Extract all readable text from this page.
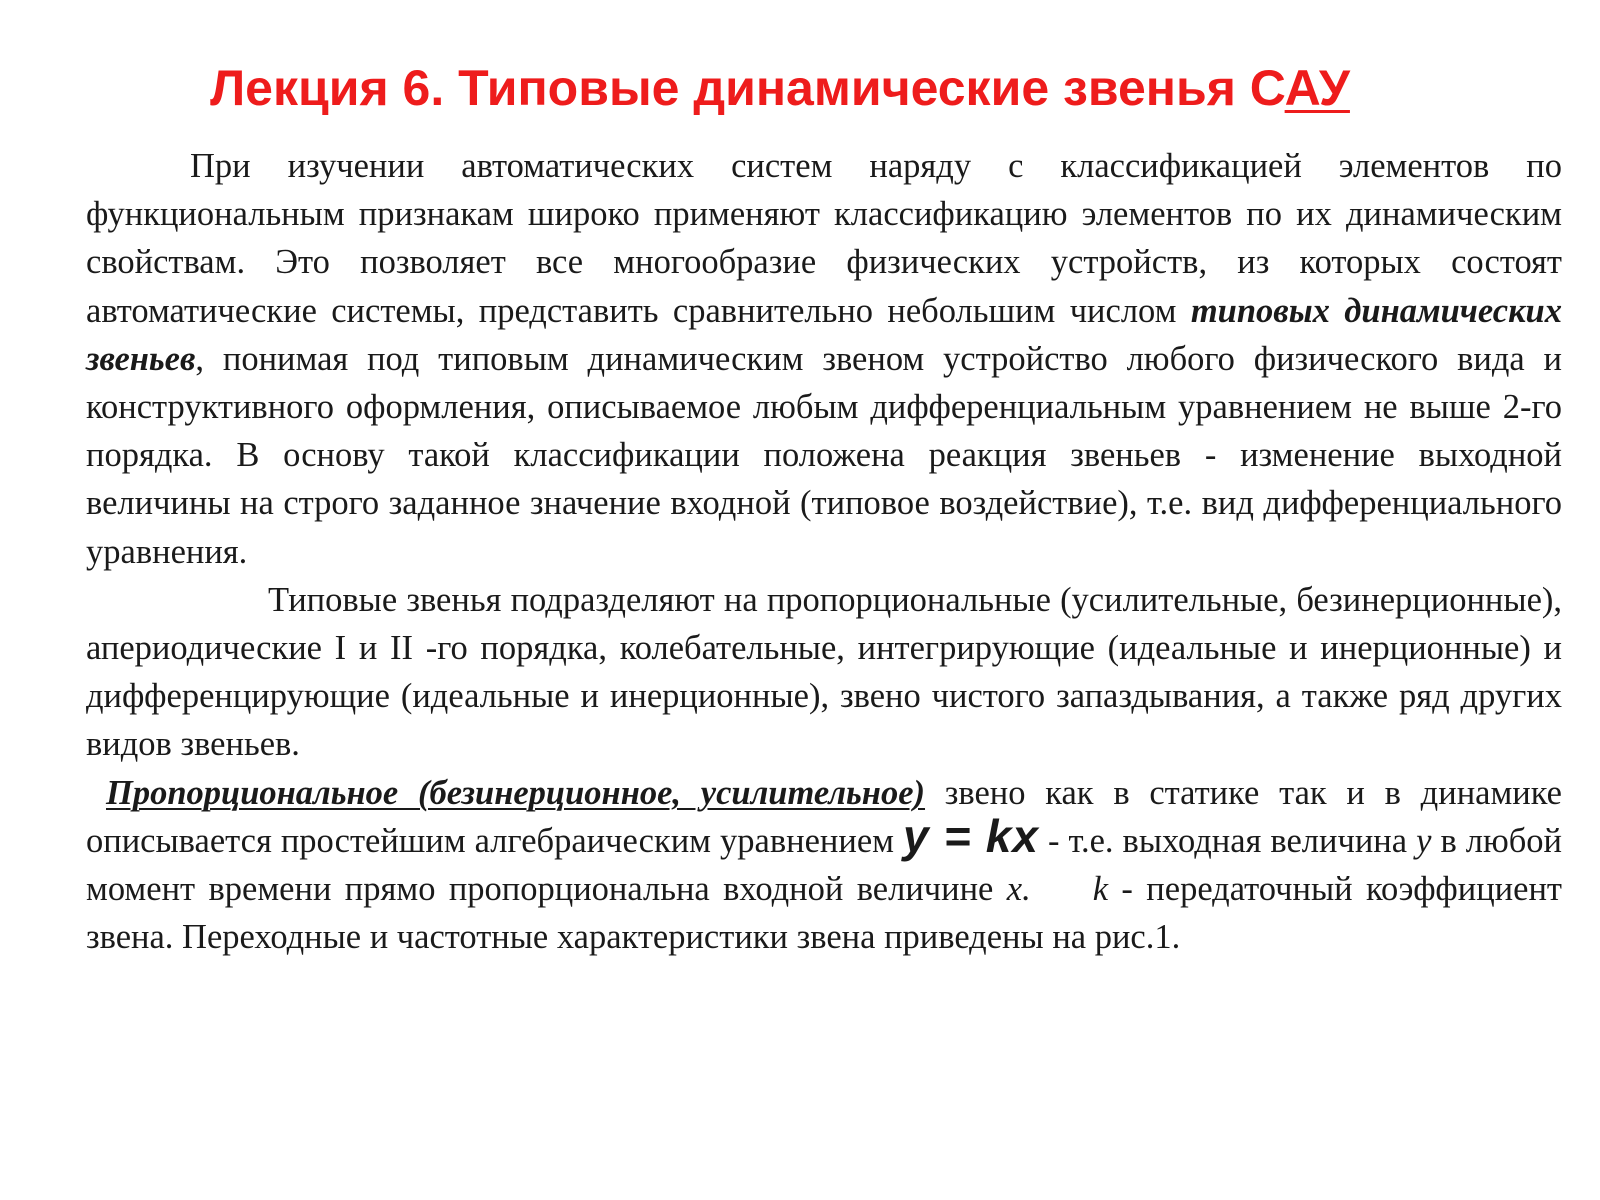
Лекция 6. Типовые динамические звенья САУ

При изучении автоматических систем наряду с классификацией элементов по функциональным признакам широко применяют классификацию элементов по их динамическим свойствам. Это позволяет все многообразие физических устройств, из которых состоят автоматические системы, представить сравнительно небольшим числом типовых динамических звеньев, понимая под типовым динамическим звеном устройство любого физического вида и конструктивного оформления, описываемое любым дифференциальным уравнением не выше 2-го порядка. В основу такой классификации положена реакция звеньев - изменение выходной величины на строго заданное значение входной (типовое воздействие), т.е. вид дифференциального уравнения.

Типовые звенья подразделяют на пропорциональные (усилительные, безинерционные), апериодические I и II -го порядка, колебательные, интегрирующие (идеальные и инерционные) и дифференцирующие (идеальные и инерционные), звено чистого запаздывания, а также ряд других видов звеньев.

Пропорциональное (безинерционное, усилительное) звено как в статике так и в динамике описывается простейшим алгебраическим уравнением y = kx - т.е. выходная величина y в любой момент времени прямо пропорциональна входной величине x. k - передаточный коэффициент звена. Переходные и частотные характеристики звена приведены на рис.1.
